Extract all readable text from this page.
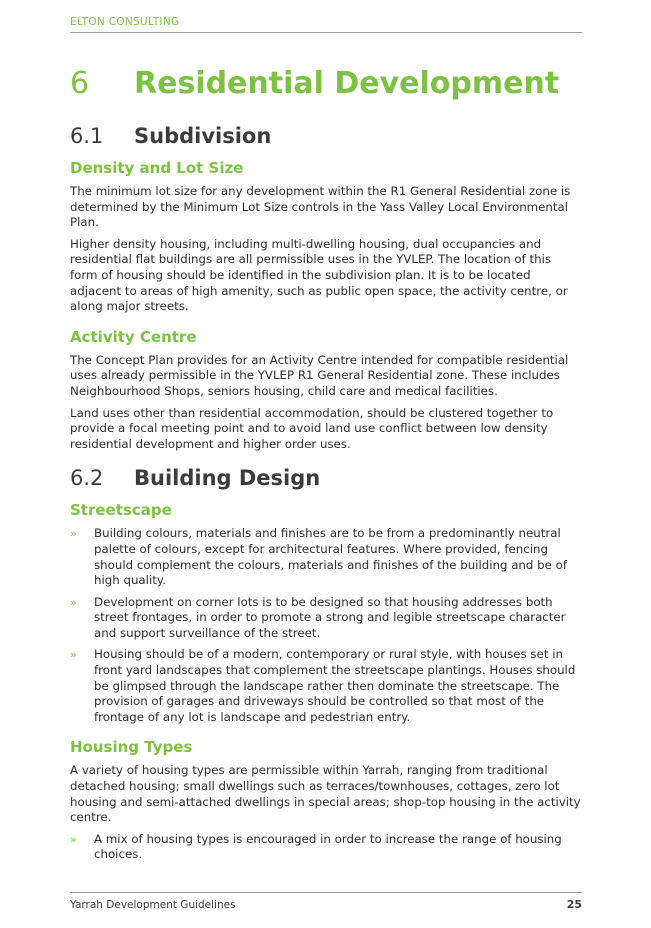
ELTON CONSULTING
6	Residential Development
6.1	Subdivision
Density and Lot Size

The minimum lot size for any development within the R1 General Residential zone is determined by the Minimum Lot Size controls in the Yass Valley Local Environmental Plan.

Higher density housing, including multi-dwelling housing, dual occupancies and residential flat buildings are all permissible uses in the YVLEP. The location of this form of housing should be identified in the subdivision plan. It is to be located adjacent to areas of high amenity, such as public open space, the activity centre, or along major streets.

Activity Centre

The Concept Plan provides for an Activity Centre intended for compatible residential uses already permissible in the YVLEP R1 General Residential zone. These includes Neighbourhood Shops, seniors housing, child care and medical facilities.

Land uses other than residential accommodation, should be clustered together to provide a focal meeting point and to avoid land use conflict between low density residential development and higher order uses.

6.2	Building Design
Streetscape
»	Building colours, materials and finishes are to be from a predominantly neutral palette of colours, except for architectural features. Where provided, fencing should complement the colours, materials and finishes of the building and be of high quality.
»	Development on corner lots is to be designed so that housing addresses both street frontages, in order to promote a strong and legible streetscape character and support surveillance of the street.
»	Housing should be of a modern, contemporary or rural style, with houses set in front yard landscapes that complement the streetscape plantings. Houses should be glimpsed through the landscape rather then dominate the streetscape. The provision of garages and driveways should be controlled so that most of the frontage of any lot is landscape and pedestrian entry.
Housing Types

A variety of housing types are permissible within Yarrah, ranging from traditional detached housing; small dwellings such as terraces/townhouses, cottages, zero lot housing and semi-attached dwellings in special areas; shop-top housing in the activity centre.

»	A mix of housing types is encouraged in order to increase the range of housing choices.
Yarrah Development Guidelines	25
